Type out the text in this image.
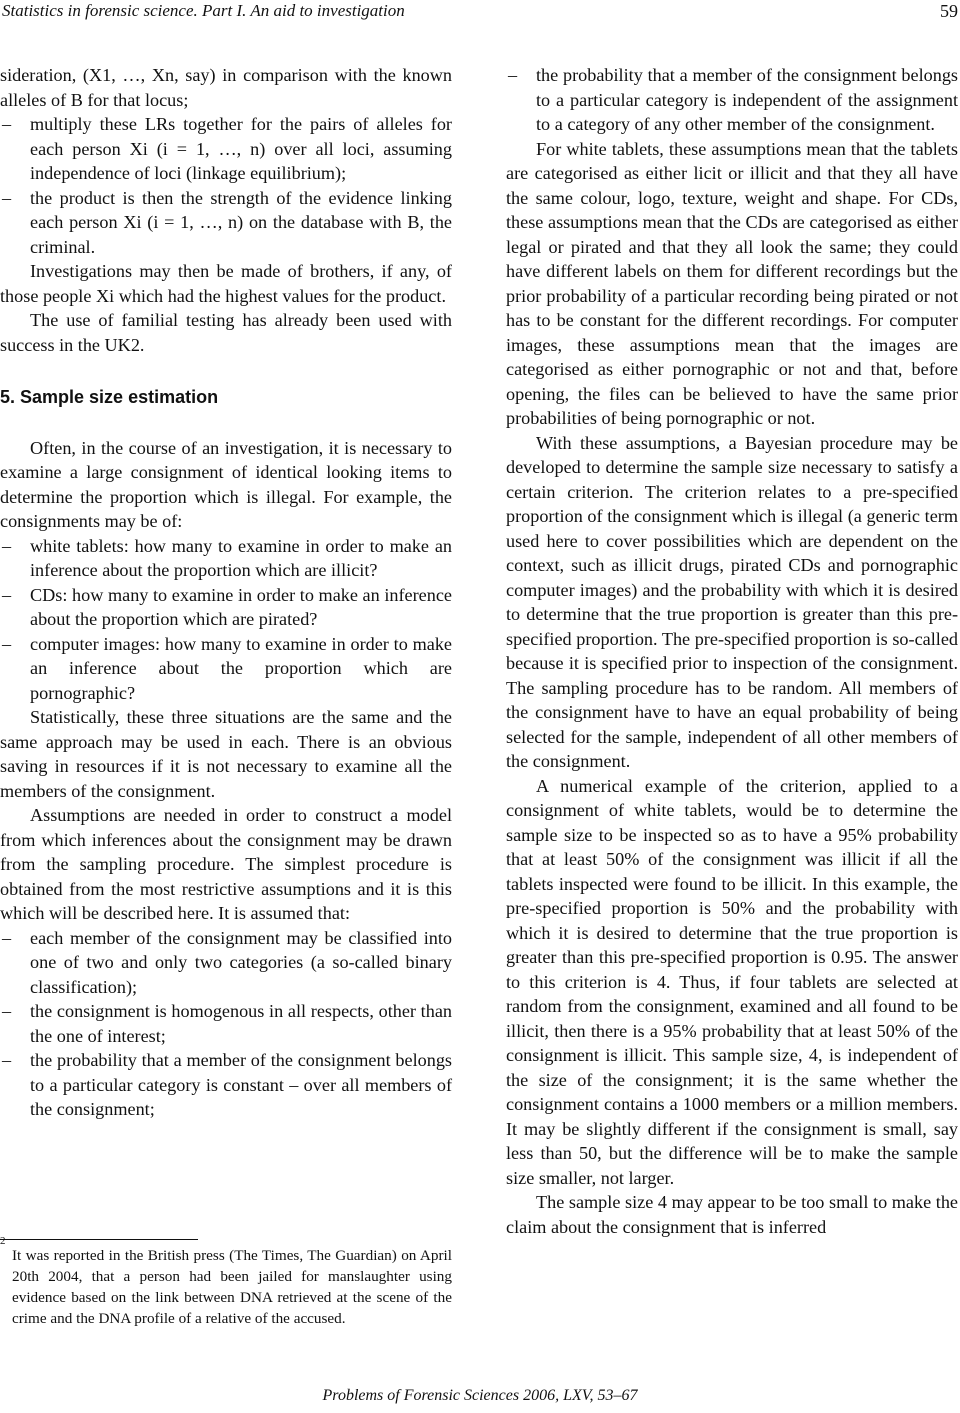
Statistics in forensic science. Part I. An aid to investigation	59

sideration, (X1, …, Xn, say) in comparison with the known alleles of B for that locus;

– multiply these LRs together for the pairs of alleles for each person Xi (i = 1, …, n) over all loci, assuming independence of loci (linkage equilibrium);

– the product is then the strength of the evidence linking each person Xi (i = 1, …, n) on the database with B, the criminal.

Investigations may then be made of brothers, if any, of those people Xi which had the highest values for the product.

The use of familial testing has already been used with success in the UK2.

5. Sample size estimation

Often, in the course of an investigation, it is necessary to examine a large consignment of identical looking items to determine the proportion which is illegal. For example, the consignments may be of:

– white tablets: how many to examine in order to make an inference about the proportion which are illicit?

– CDs: how many to examine in order to make an inference about the proportion which are pirated?

– computer images: how many to examine in order to make an inference about the proportion which are pornographic?

Statistically, these three situations are the same and the same approach may be used in each. There is an obvious saving in resources if it is not necessary to examine all the members of the consignment.

Assumptions are needed in order to construct a model from which inferences about the consignment may be drawn from the sampling procedure. The simplest procedure is obtained from the most restrictive assumptions and it is this which will be described here. It is assumed that:

– each member of the consignment may be classified into one of two and only two categories (a so-called binary classification);

– the consignment is homogenous in all respects, other than the one of interest;

– the probability that a member of the consignment belongs to a particular category is constant – over all members of the consignment;

2
It was reported in the British press (The Times, The Guardian) on April 20th 2004, that a person had been jailed for manslaughter using evidence based on the link between DNA retrieved at the scene of the crime and the DNA profile of a relative of the accused.

– the probability that a member of the consignment belongs to a particular category is independent of the assignment to a category of any other member of the consignment.

For white tablets, these assumptions mean that the tablets are categorised as either licit or illicit and that they all have the same colour, logo, texture, weight and shape. For CDs, these assumptions mean that the CDs are categorised as either legal or pirated and that they all look the same; they could have different labels on them for different recordings but the prior probability of a particular recording being pirated or not has to be constant for the different recordings. For computer images, these assumptions mean that the images are categorised as either pornographic or not and that, before opening, the files can be believed to have the same prior probabilities of being pornographic or not.

With these assumptions, a Bayesian procedure may be developed to determine the sample size necessary to satisfy a certain criterion. The criterion relates to a pre-specified proportion of the consignment which is illegal (a generic term used here to cover possibilities which are dependent on the context, such as illicit drugs, pirated CDs and pornographic computer images) and the probability with which it is desired to determine that the true proportion is greater than this pre-specified proportion. The pre-specified proportion is so-called because it is specified prior to inspection of the consignment. The sampling procedure has to be random. All members of the consignment have to have an equal probability of being selected for the sample, independent of all other members of the consignment.

A numerical example of the criterion, applied to a consignment of white tablets, would be to determine the sample size to be inspected so as to have a 95% probability that at least 50% of the consignment was illicit if all the tablets inspected were found to be illicit. In this example, the pre-specified proportion is 50% and the probability with which it is desired to determine that the true proportion is greater than this pre-specified proportion is 0.95. The answer to this criterion is 4. Thus, if four tablets are selected at random from the consignment, examined and all found to be illicit, then there is a 95% probability that at least 50% of the consignment is illicit. This sample size, 4, is independent of the size of the consignment; it is the same whether the consignment contains a 1000 members or a million members. It may be slightly different if the consignment is small, say less than 50, but the difference will be to make the sample size smaller, not larger.

The sample size 4 may appear to be too small to make the claim about the consignment that is inferred

Problems of Forensic Sciences 2006, LXV, 53–67
